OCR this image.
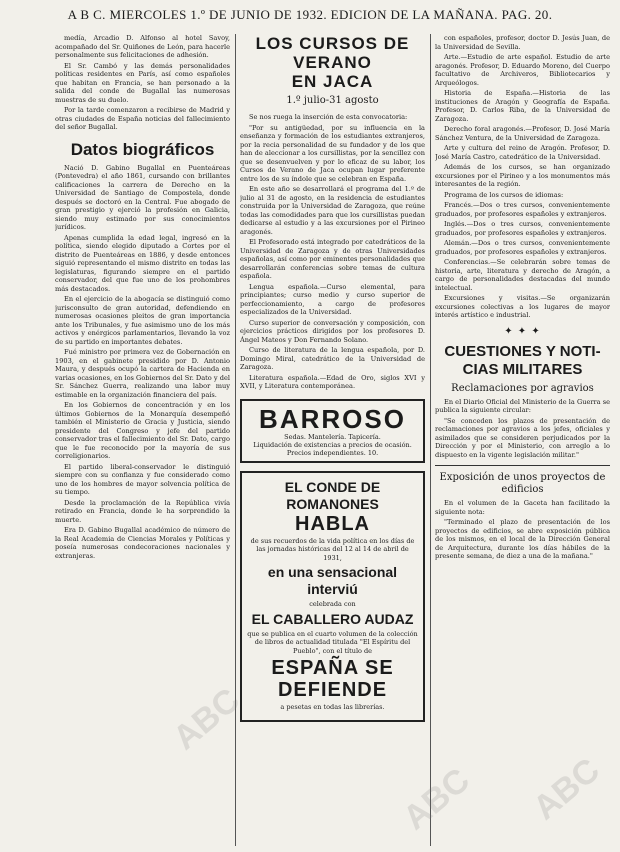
A B C. MIERCOLES 1.º DE JUNIO DE 1932. EDICION DE LA MAÑANA. PAG. 20.

medía, Arcadio D. Alfonso al hotel Savoy, acompañado del Sr. Quiñones de León, para hacerle personalmente sus felicitaciones de adhesión.

El Sr. Cambó y las demás personalidades políticas residentes en París, así como españoles que habitan en Francia, se han personado a la salida del conde de Bugallal las numerosas muestras de su duelo.

Por la tarde comenzaron a recibirse de Madrid y otras ciudades de España noticias del fallecimiento del señor Bugallal.

Datos biográficos

Nació D. Gabino Bugallal en Puenteáreas (Pontevedra) el año 1861, cursando con brillantes calificaciones la carrera de Derecho en la Universidad de Santiago de Compostela, donde después se doctoró en la Central. Fue abogado de gran prestigio y ejerció la profesión en Galicia, siendo muy estimado por sus conocimientos jurídicos.

Apenas cumplida la edad legal, ingresó en la política, siendo elegido diputado a Cortes por el distrito de Puenteáreas en 1886, y desde entonces siguió representando el mismo distrito en todas las legislaturas, figurando siempre en el partido conservador, del que fue uno de los prohombres más destacados.

En el ejercicio de la abogacía se distinguió como jurisconsulto de gran autoridad, defendiendo en numerosas ocasiones pleitos de gran importancia ante los Tribunales, y fue asimismo uno de los más activos y enérgicos parlamentarios, llevando la voz de su partido en importantes debates.

Fué ministro por primera vez de Gobernación en 1903, en el gabinete presidido por D. Antonio Maura, y después ocupó la cartera de Hacienda en varias ocasiones, en los Gobiernos del Sr. Dato y del Sr. Sánchez Guerra, realizando una labor muy estimable en la organización financiera del país.

En los Gobiernos de concentración y en los últimos Gobiernos de la Monarquía desempeñó también el Ministerio de Gracia y Justicia, siendo presidente del Congreso y jefe del partido conservador tras el fallecimiento del Sr. Dato, cargo que le fue reconocido por la mayoría de sus correligionarios.

El partido liberal-conservador le distinguió siempre con su confianza y fue considerado como uno de los hombres de mayor solvencia política de su tiempo.

Desde la proclamación de la República vivía retirado en Francia, donde le ha sorprendido la muerte.

Era D. Gabino Bugallal académico de número de la Real Academia de Ciencias Morales y Políticas y poseía numerosas condecoraciones nacionales y extranjeras.

LOS CURSOS DE VERANO
EN JACA
1.º julio-31 agosto

Se nos ruega la inserción de esta convocatoria:

"Por su antigüedad, por su influencia en la enseñanza y formación de los estudiantes extranjeros, por la recia personalidad de su fundador y de los que han de aleccionar a los cursillistas, por la sencillez con que se desenvuelven y por lo eficaz de su labor, los Cursos de Verano de Jaca ocupan lugar preferente entre los de su índole que se celebran en España.

En este año se desarrollará el programa del 1.º de julio al 31 de agosto, en la residencia de estudiantes construida por la Universidad de Zaragoza, que reúne todas las comodidades para que los cursillistas puedan dedicarse al estudio y a las excursiones por el Pirineo aragonés.

El Profesorado está integrado por catedráticos de la Universidad de Zaragoza y de otras Universidades españolas, así como por eminentes personalidades que desarrollarán conferencias sobre temas de cultura española.

Lengua española.—Curso elemental, para principiantes; curso medio y curso superior de perfeccionamiento, a cargo de profesores especializados de la Universidad.

Curso superior de conversación y composición, con ejercicios prácticos dirigidos por los profesores D. Ángel Mateos y Don Fernando Solano.

Curso de literatura de la lengua española, por D. Domingo Miral, catedrático de la Universidad de Zaragoza.

Literatura española.—Edad de Oro, siglos XVI y XVII, y Literatura contemporánea.

BARROSO
Sedas. Mantelería. Tapicería.
Liquidación de existencias a precios de ocasión.
Precios independientes. 10.
EL CONDE DE ROMANONES
HABLA
de sus recuerdos de la vida política en los días de las jornadas históricas del 12 al 14 de abril de 1931,
en una sensacional interviú
celebrada con
EL CABALLERO AUDAZ
que se publica en el cuarto volumen de la colección de libros de actualidad titulada "El Espíritu del Pueblo", con el título de
ESPAÑA SE DEFIENDE
a pesetas en todas las librerías.

con españoles, profesor, doctor D. Jesús Juan, de la Universidad de Sevilla.

Arte.—Estudio de arte español. Estudio de arte aragonés. Profesor, D. Eduardo Moreno, del Cuerpo facultativo de Archiveros, Bibliotecarios y Arqueólogos.

Historia de España.—Historia de las instituciones de Aragón y Geografía de España. Profesor, D. Carlos Riba, de la Universidad de Zaragoza.

Derecho foral aragonés.—Profesor, D. José María Sánchez Ventura, de la Universidad de Zaragoza.

Arte y cultura del reino de Aragón. Profesor, D. José María Castro, catedrático de la Universidad.

Además de los cursos, se han organizado excursiones por el Pirineo y a los monumentos más interesantes de la región.

Programa de los cursos de idiomas:

Francés.—Dos o tres cursos, convenientemente graduados, por profesores españoles y extranjeros.

Inglés.—Dos o tres cursos, convenientemente graduados, por profesores españoles y extranjeros.

Alemán.—Dos o tres cursos, convenientemente graduados, por profesores españoles y extranjeros.

Conferencias.—Se celebrarán sobre temas de historia, arte, literatura y derecho de Aragón, a cargo de personalidades destacadas del mundo intelectual.

Excursiones y visitas.—Se organizarán excursiones colectivas a los lugares de mayor interés artístico e industrial.

✦ ✦ ✦
CUESTIONES Y NOTI-
CIAS MILITARES
Reclamaciones por agravios

En el Diario Oficial del Ministerio de la Guerra se publica la siguiente circular:

"Se conceden los plazos de presentación de reclamaciones por agravios a los jefes, oficiales y asimilados que se consideren perjudicados por la Dirección y por el Ministerio, con arreglo a lo dispuesto en la vigente legislación militar."

Exposición de unos proyectos de edificios

En el volumen de la Gaceta han facilitado la siguiente nota:

"Terminado el plazo de presentación de los proyectos de edificios, se abre exposición pública de los mismos, en el local de la Dirección General de Arquitectura, durante los días hábiles de la presente semana, de diez a una de la mañana."

ABC
ABC ABC
